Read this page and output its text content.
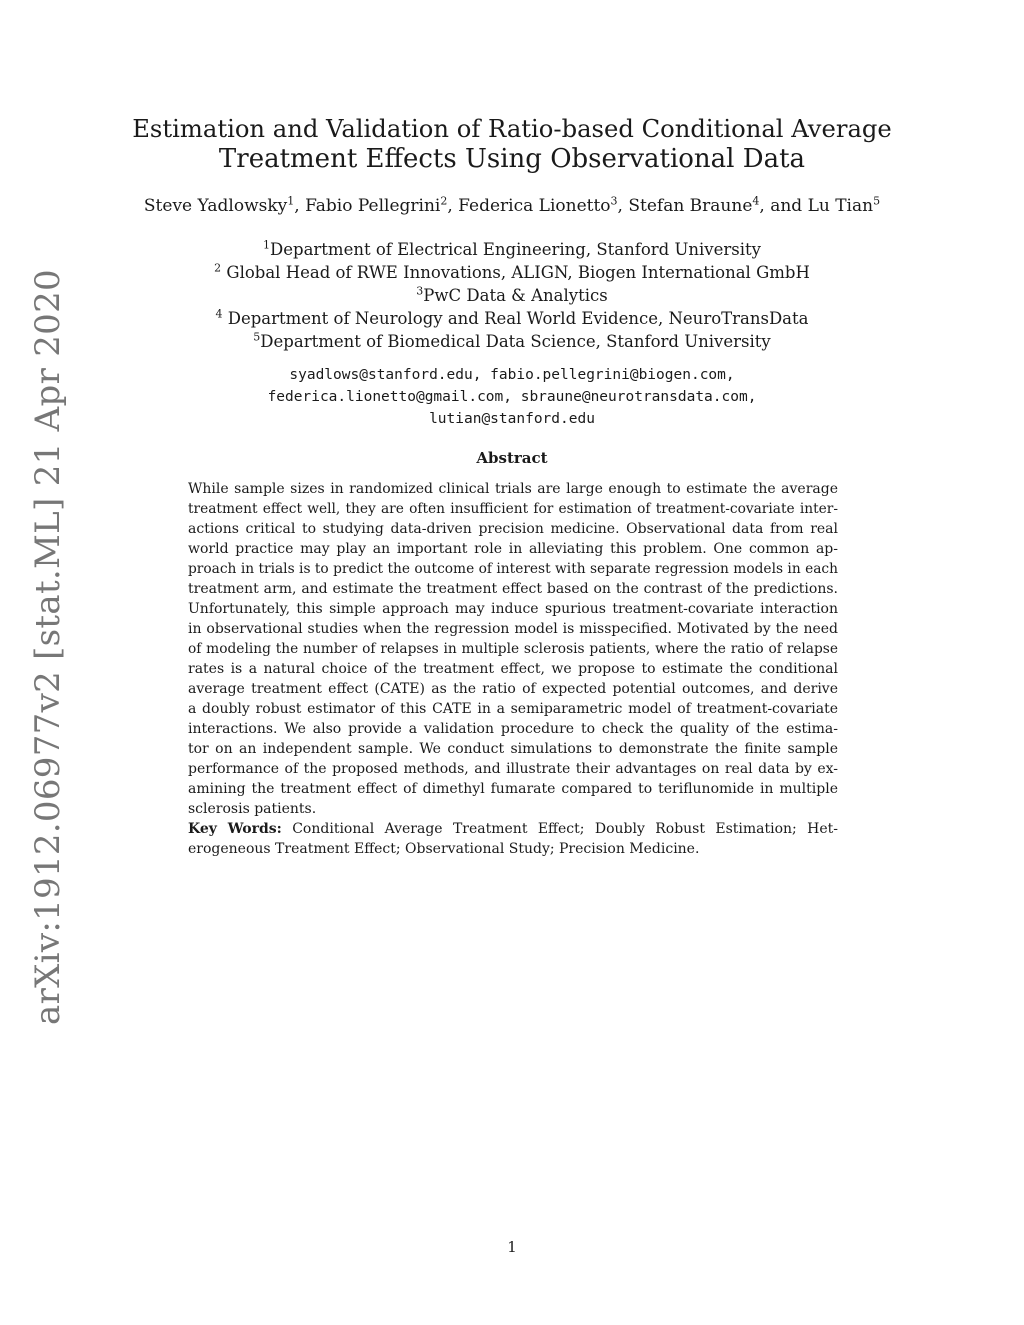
arXiv:1912.06977v2 [stat.ML] 21 Apr 2020
Estimation and Validation of Ratio-based Conditional Average
Treatment Effects Using Observational Data
Steve Yadlowsky$^1$, Fabio Pellegrini$^2$, Federica Lionetto$^3$, Stefan Braune$^4$, and Lu Tian$^5$
$^1$Department of Electrical Engineering, Stanford University
$^2$ Global Head of RWE Innovations, ALIGN, Biogen International GmbH
$^3$PwC Data & Analytics
$^4$ Department of Neurology and Real World Evidence, NeuroTransData
$^5$Department of Biomedical Data Science, Stanford University
syadlows@stanford.edu, fabio.pellegrini@biogen.com,
federica.lionetto@gmail.com, sbraune@neurotransdata.com,
lutian@stanford.edu
Abstract
While sample sizes in randomized clinical trials are large enough to estimate the average
treatment effect well, they are often insufficient for estimation of treatment-covariate inter-
actions critical to studying data-driven precision medicine. Observational data from real
world practice may play an important role in alleviating this problem. One common ap-
proach in trials is to predict the outcome of interest with separate regression models in each
treatment arm, and estimate the treatment effect based on the contrast of the predictions.
Unfortunately, this simple approach may induce spurious treatment-covariate interaction
in observational studies when the regression model is misspecified. Motivated by the need
of modeling the number of relapses in multiple sclerosis patients, where the ratio of relapse
rates is a natural choice of the treatment effect, we propose to estimate the conditional
average treatment effect (CATE) as the ratio of expected potential outcomes, and derive
a doubly robust estimator of this CATE in a semiparametric model of treatment-covariate
interactions. We also provide a validation procedure to check the quality of the estima-
tor on an independent sample. We conduct simulations to demonstrate the finite sample
performance of the proposed methods, and illustrate their advantages on real data by ex-
amining the treatment effect of dimethyl fumarate compared to teriflunomide in multiple
sclerosis patients.
Key Words: Conditional Average Treatment Effect; Doubly Robust Estimation; Het-
erogeneous Treatment Effect; Observational Study; Precision Medicine.
1
